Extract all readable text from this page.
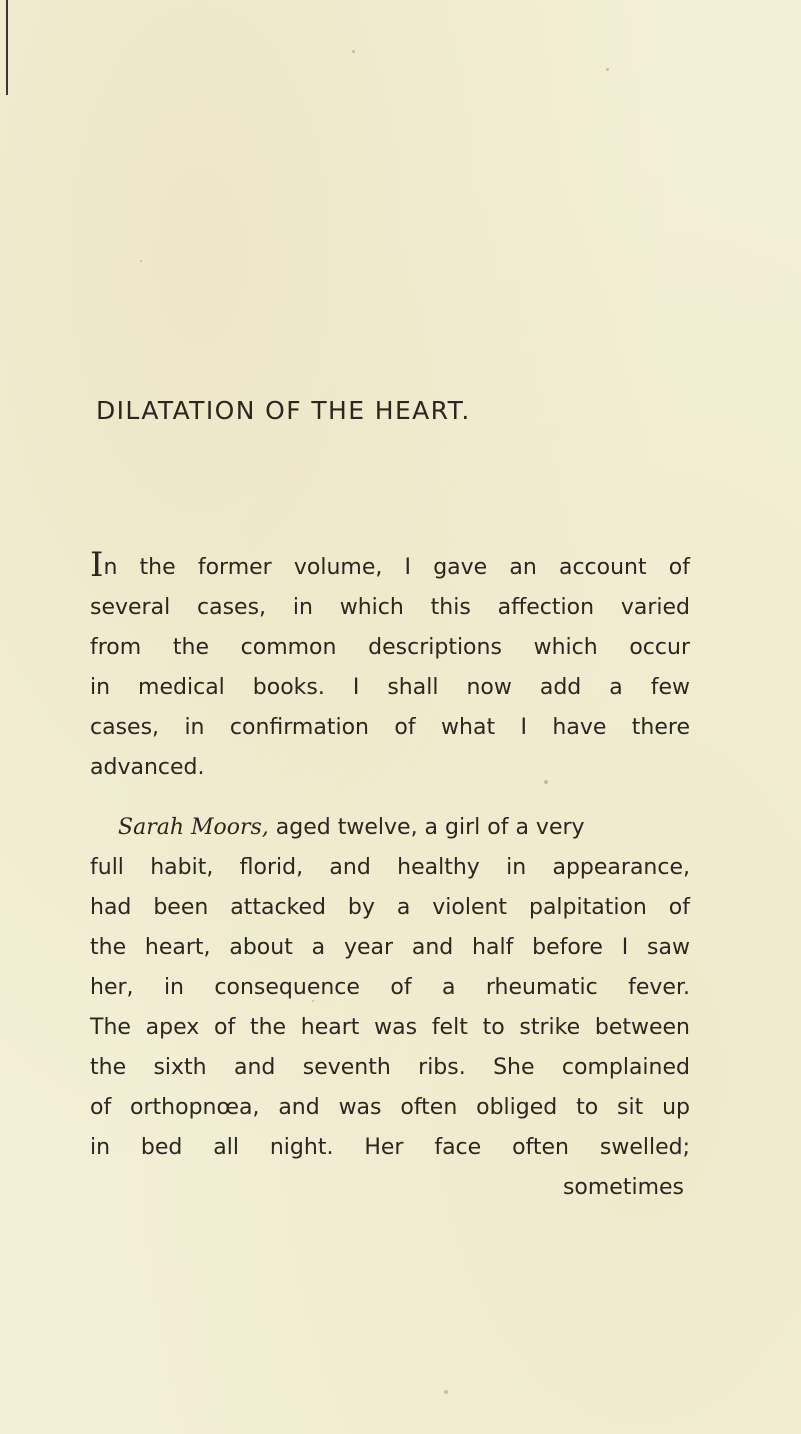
DILATATION OF THE HEART.
In the former volume, I gave an account of
several cases, in which this affection varied
from the common descriptions which occur
in medical books. I shall now add a few
cases, in confirmation of what I have there
advanced.
Sarah Moors, aged twelve, a girl of a very
full habit, florid, and healthy in appearance,
had been attacked by a violent palpitation of
the heart, about a year and half before I saw
her, in consequence of a rheumatic fever.
The apex of the heart was felt to strike between
the sixth and seventh ribs. She complained
of orthopnœa, and was often obliged to sit up
in bed all night. Her face often swelled;
sometimes
